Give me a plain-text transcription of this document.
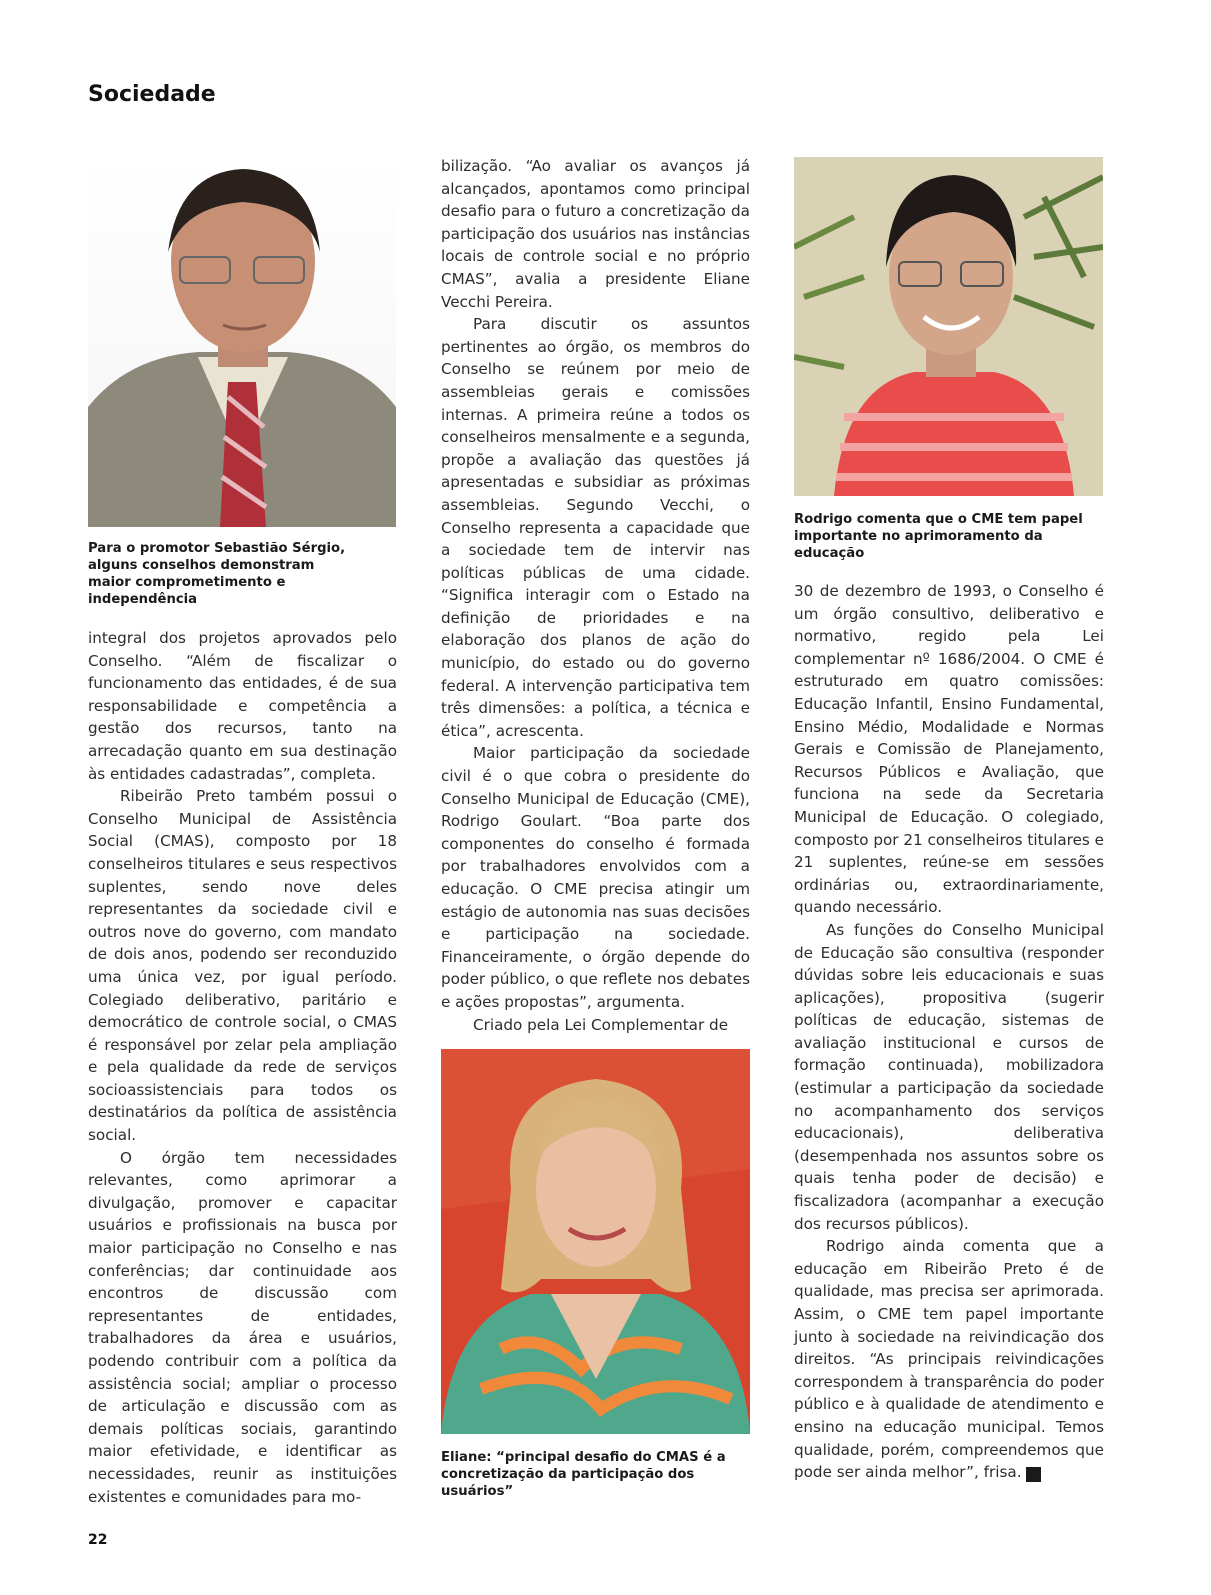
Sociedade
Para o promotor Sebastião Sérgio, alguns conselhos demonstram maior comprometimento e independência
Rodrigo comenta que o CME tem papel importante no aprimoramento da educação
Eliane: “principal desafio do CMAS é a concretização da participação dos usuários”

integral dos projetos aprovados pelo Conselho. “Além de fiscalizar o funcionamento das entidades, é de sua responsabilidade e competência a gestão dos recursos, tanto na arrecadação quanto em sua destinação às entidades cadastradas”, completa.

Ribeirão Preto também possui o Conselho Municipal de Assistência Social (CMAS), composto por 18 conselheiros titulares e seus respectivos suplentes, sendo nove deles representantes da sociedade civil e outros nove do governo, com mandato de dois anos, podendo ser reconduzido uma única vez, por igual período. Colegiado deliberativo, paritário e democrático de controle social, o CMAS é responsável por zelar pela ampliação e pela qualidade da rede de serviços socioassistenciais para todos os destinatários da política de assistência social.

O órgão tem necessidades relevantes, como aprimorar a divulgação, promover e capacitar usuários e profissionais na busca por maior participação no Conselho e nas conferências; dar continuidade aos encontros de discussão com representantes de entidades, trabalhadores da área e usuários, podendo contribuir com a política da assistência social; ampliar o processo de articulação e discussão com as demais políticas sociais, garantindo maior efetividade, e identificar as necessidades, reunir as instituições existentes e comunidades para mo-

bilização. “Ao avaliar os avanços já alcançados, apontamos como principal desafio para o futuro a concretização da participação dos usuários nas instâncias locais de controle social e no próprio CMAS”, avalia a presidente Eliane Vecchi Pereira.

Para discutir os assuntos pertinentes ao órgão, os membros do Conselho se reúnem por meio de assembleias gerais e comissões internas. A primeira reúne a todos os conselheiros mensalmente e a segunda, propõe a avaliação das questões já apresentadas e subsidiar as próximas assembleias. Segundo Vecchi, o Conselho representa a capacidade que a sociedade tem de intervir nas políticas públicas de uma cidade. “Significa interagir com o Estado na definição de prioridades e na elaboração dos planos de ação do município, do estado ou do governo federal. A intervenção participativa tem três dimensões: a política, a técnica e ética”, acrescenta.

Maior participação da sociedade civil é o que cobra o presidente do Conselho Municipal de Educação (CME), Rodrigo Goulart. “Boa parte dos componentes do conselho é formada por trabalhadores envolvidos com a educação. O CME precisa atingir um estágio de autonomia nas suas decisões e participação na sociedade. Financeiramente, o órgão depende do poder público, o que reflete nos debates e ações propostas”, argumenta.

Criado pela Lei Complementar de

30 de dezembro de 1993, o Conselho é um órgão consultivo, deliberativo e normativo, regido pela Lei complementar nº 1686/2004. O CME é estruturado em quatro comissões: Educação Infantil, Ensino Fundamental, Ensino Médio, Modalidade e Normas Gerais e Comissão de Planejamento, Recursos Públicos e Avaliação, que funciona na sede da Secretaria Municipal de Educação. O colegiado, composto por 21 conselheiros titulares e 21 suplentes, reúne-se em sessões ordinárias ou, extraordinariamente, quando necessário.

As funções do Conselho Municipal de Educação são consultiva (responder dúvidas sobre leis educacionais e suas aplicações), propositiva (sugerir políticas de educação, sistemas de avaliação institucional e cursos de formação continuada), mobilizadora (estimular a participação da sociedade no acompanhamento dos serviços educacionais), deliberativa (desempenhada nos assuntos sobre os quais tenha poder de decisão) e fiscalizadora (acompanhar a execução dos recursos públicos).

Rodrigo ainda comenta que a educação em Ribeirão Preto é de qualidade, mas precisa ser aprimorada. Assim, o CME tem papel importante junto à sociedade na reivindicação dos direitos. “As principais reivindicações correspondem à transparência do poder público e à qualidade de atendimento e ensino na educação municipal. Temos qualidade, porém, compreendemos que pode ser ainda melhor”, frisa.	r

22
